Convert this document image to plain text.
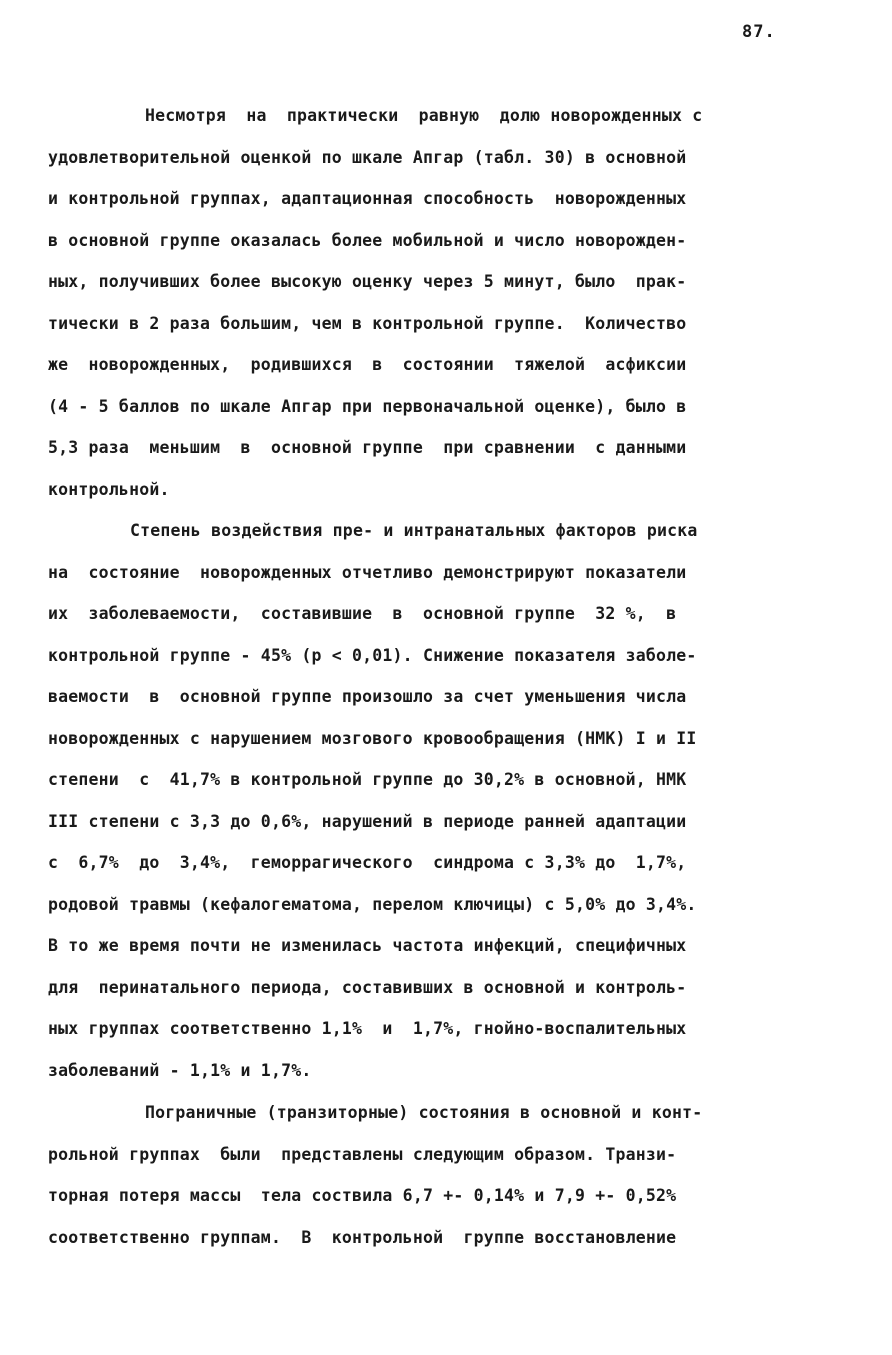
87.
Несмотря  на  практически  равную  долю новорожденных с
удовлетворительной оценкой по шкале Апгар (табл. 30) в основной
и контрольной группах, адаптационная способность  новорожденных
в основной группе оказалась более мобильной и число новорожден-
ных, получивших более высокую оценку через 5 минут, было  прак-
тически в 2 раза большим, чем в контрольной группе.  Количество
же  новорожденных,  родившихся  в  состоянии  тяжелой  асфиксии
(4 - 5 баллов по шкале Апгар при первоначальной оценке), было в
5,3 раза  меньшим  в  основной группе  при сравнении  с данными
контрольной.
Степень воздействия пре- и интранатальных факторов риска
на  состояние  новорожденных отчетливо демонстрируют показатели
их  заболеваемости,  составившие  в  основной группе  32 %,  в
контрольной группе - 45% (р < 0,01). Снижение показателя заболе-
ваемости  в  основной группе произошло за счет уменьшения числа
новорожденных с нарушением мозгового кровообращения (НМК) I и II
степени  с  41,7% в контрольной группе до 30,2% в основной, НМК
III степени с 3,3 до 0,6%, нарушений в периоде ранней адаптации
с  6,7%  до  3,4%,  геморрагического  синдрома с 3,3% до  1,7%,
родовой травмы (кефалогематома, перелом ключицы) с 5,0% до 3,4%.
В то же время почти не изменилась частота инфекций, специфичных
для  перинатального периода, составивших в основной и контроль-
ных группах соответственно 1,1%  и  1,7%, гнойно-воспалительных
заболеваний - 1,1% и 1,7%.
Пограничные (транзиторные) состояния в основной и конт-
рольной группах  были  представлены следующим образом. Транзи-
торная потеря массы  тела соствила 6,7 +- 0,14% и 7,9 +- 0,52%
соответственно группам.  В  контрольной  группе восстановление
